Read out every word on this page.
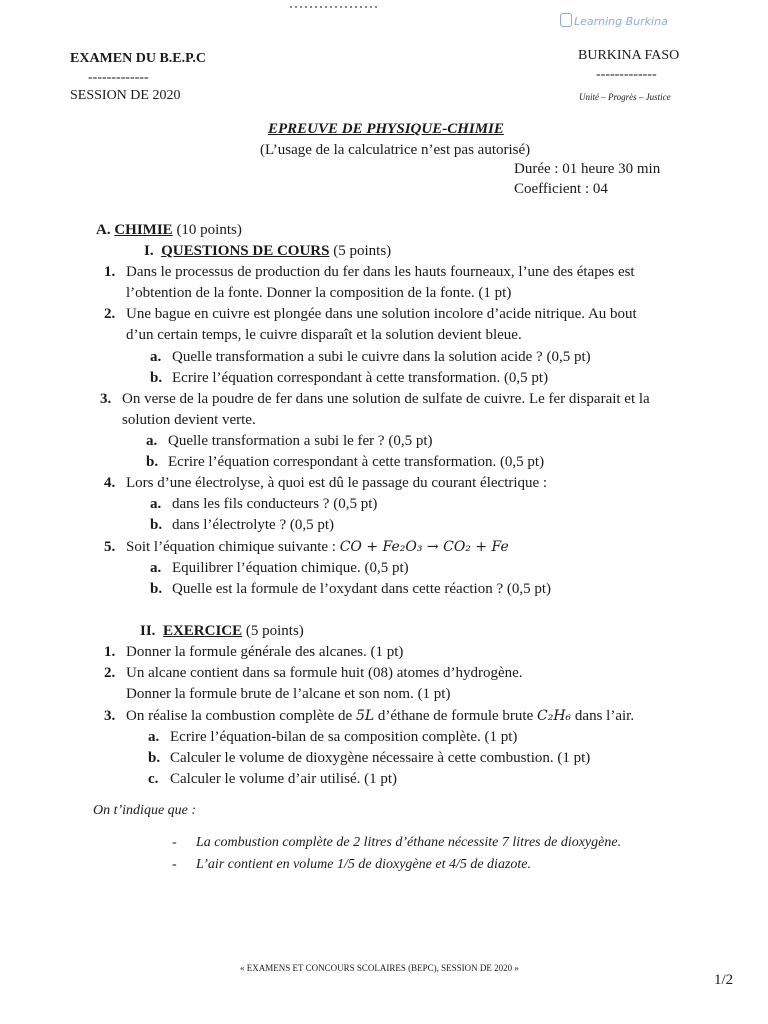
Learning Burkina
EXAMEN DU B.E.P.C
-------------
SESSION DE 2020
BURKINA FASO
-------------
Unité – Progrès – Justice
EPREUVE DE PHYSIQUE-CHIMIE
(L’usage de la calculatrice n’est pas autorisé)
Durée : 01 heure 30 min
Coefficient : 04
A. CHIMIE (10 points)
I. QUESTIONS DE COURS (5 points)
1. Dans le processus de production du fer dans les hauts fourneaux, l’une des étapes est
l’obtention de la fonte. Donner la composition de la fonte. (1 pt)
2. Une bague en cuivre est plongée dans une solution incolore d’acide nitrique. Au bout
d’un certain temps, le cuivre disparaît et la solution devient bleue.
a. Quelle transformation a subi le cuivre dans la solution acide ? (0,5 pt)
b. Ecrire l’équation correspondant à cette transformation. (0,5 pt)
3. On verse de la poudre de fer dans une solution de sulfate de cuivre. Le fer disparait et la
solution devient verte.
a. Quelle transformation a subi le fer ? (0,5 pt)
b. Ecrire l’équation correspondant à cette transformation. (0,5 pt)
4. Lors d’une électrolyse, à quoi est dû le passage du courant électrique :
a. dans les fils conducteurs ? (0,5 pt)
b. dans l’électrolyte ? (0,5 pt)
5. Soit l’équation chimique suivante : CO + Fe₂O₃ → CO₂ + Fe
a. Equilibrer l’équation chimique. (0,5 pt)
b. Quelle est la formule de l’oxydant dans cette réaction ? (0,5 pt)
II. EXERCICE (5 points)
1. Donner la formule générale des alcanes. (1 pt)
2. Un alcane contient dans sa formule huit (08) atomes d’hydrogène.
Donner la formule brute de l’alcane et son nom. (1 pt)
3. On réalise la combustion complète de 5L d’éthane de formule brute C₂H₆ dans l’air.
a. Ecrire l’équation-bilan de sa composition complète. (1 pt)
b. Calculer le volume de dioxygène nécessaire à cette combustion. (1 pt)
c. Calculer le volume d’air utilisé. (1 pt)
On t’indique que :
- La combustion complète de 2 litres d’éthane nécessite 7 litres de dioxygène.
- L’air contient en volume 1/5 de dioxygène et 4/5 de diazote.
« EXAMENS ET CONCOURS SCOLAIRES (BEPC), SESSION DE 2020 »
1/2
